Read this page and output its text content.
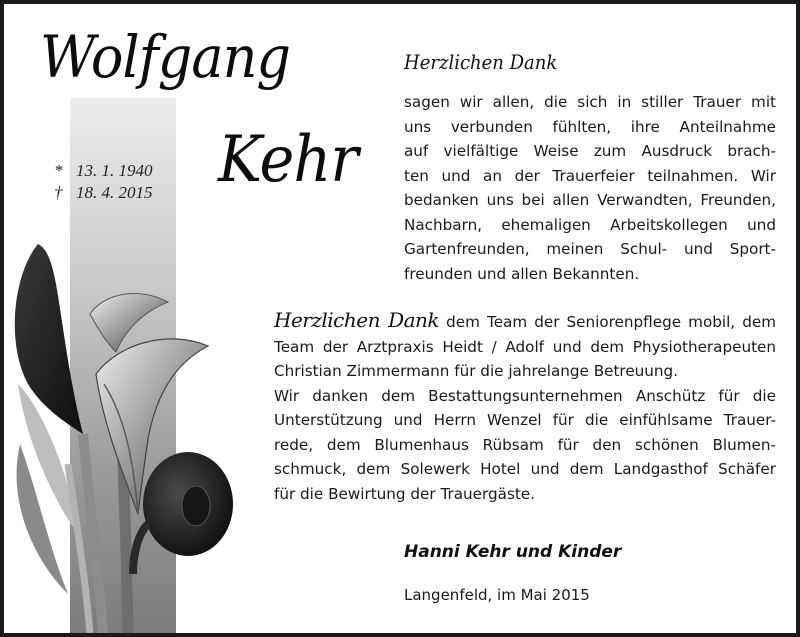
Wolfgang
Kehr
* 13. 1. 1940
† 18. 4. 2015
Herzlichen Dank

sagen wir allen, die sich in stiller Trauer mit
uns verbunden fühlten, ihre Anteilnahme
auf vielfältige Weise zum Ausdruck brach-
ten und an der Trauerfeier teilnahmen. Wir
bedanken uns bei allen Verwandten, Freunden,
Nachbarn, ehemaligen Arbeitskollegen und
Gartenfreunden, meinen Schul- und Sport-
freunden und allen Bekannten.

Herzlichen Dank dem Team der Seniorenpflege mobil, dem
Team der Arztpraxis Heidt / Adolf und dem Physiotherapeuten
Christian Zimmermann für die jahrelange Betreuung.
Wir danken dem Bestattungsunternehmen Anschütz für die
Unterstützung und Herrn Wenzel für die einfühlsame Trauer-
rede, dem Blumenhaus Rübsam für den schönen Blumen-
schmuck, dem Solewerk Hotel und dem Landgasthof Schäfer
für die Bewirtung der Trauergäste.

Hanni Kehr und Kinder

Langenfeld, im Mai 2015
